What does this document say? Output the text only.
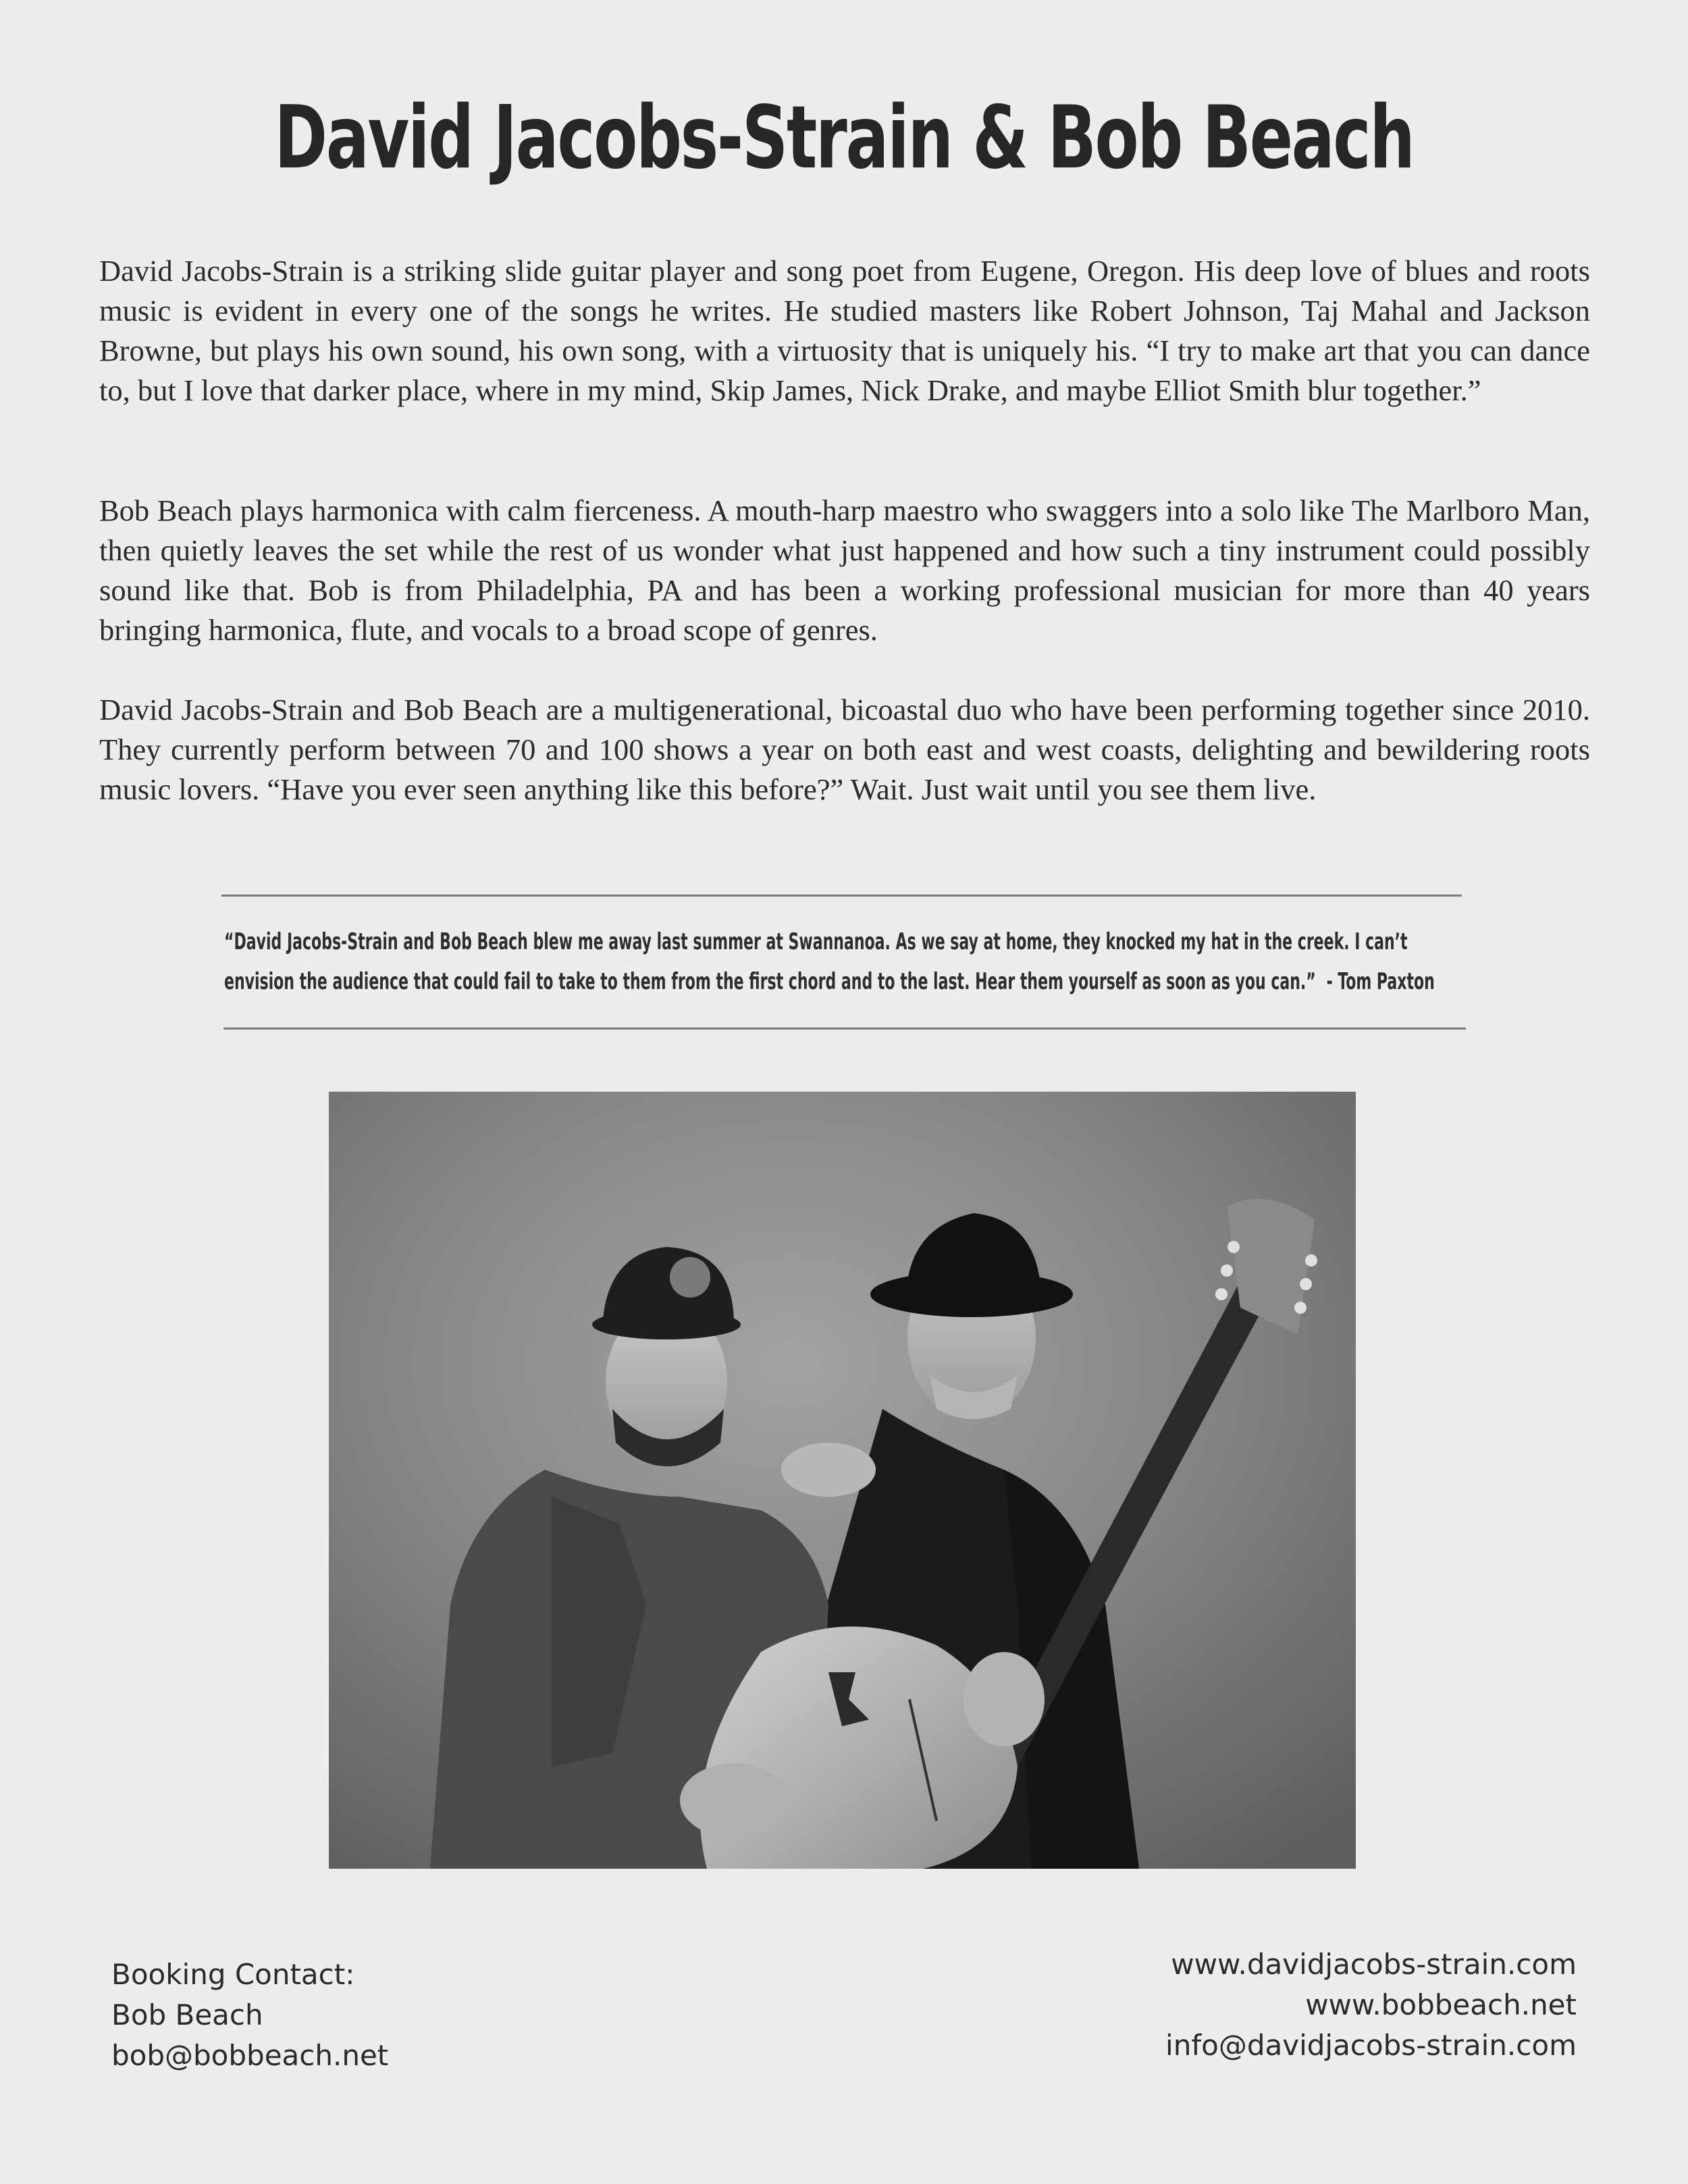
David Jacobs-Strain & Bob Beach

David Jacobs-Strain is a striking slide guitar player and song poet from Eugene, Oregon. His deep love of blues and roots music is evident in every one of the songs he writes. He studied masters like Robert Johnson, Taj Mahal and Jackson Browne, but plays his own sound, his own song, with a virtuosity that is uniquely his. “I try to make art that you can dance to, but I love that darker place, where in my mind, Skip James, Nick Drake, and maybe Elliot Smith blur together.”

Bob Beach plays harmonica with calm fierceness. A mouth-harp maestro who swaggers into a solo like The Marlboro Man, then quietly leaves the set while the rest of us wonder what just happened and how such a tiny instrument could possibly sound like that. Bob is from Philadelphia, PA and has been a working professional musician for more than 40 years bringing harmonica, flute, and vocals to a broad scope of genres.

David Jacobs-Strain and Bob Beach are a multigenerational, bicoastal duo who have been performing together since 2010. They currently perform between 70 and 100 shows a year on both east and west coasts, delighting and bewildering roots music lovers. “Have you ever seen anything like this before?” Wait. Just wait until you see them live.

“David Jacobs-Strain and Bob Beach blew me away last summer at Swannanoa. As we say at home, they knocked my hat in the creek. I can’t
envision the audience that could fail to take to them from the first chord and to the last. Hear them yourself as soon as you can.” - Tom Paxton
Booking Contact:
Bob Beach
bob@bobbeach.net
www.davidjacobs-strain.com
www.bobbeach.net
info@davidjacobs-strain.com
